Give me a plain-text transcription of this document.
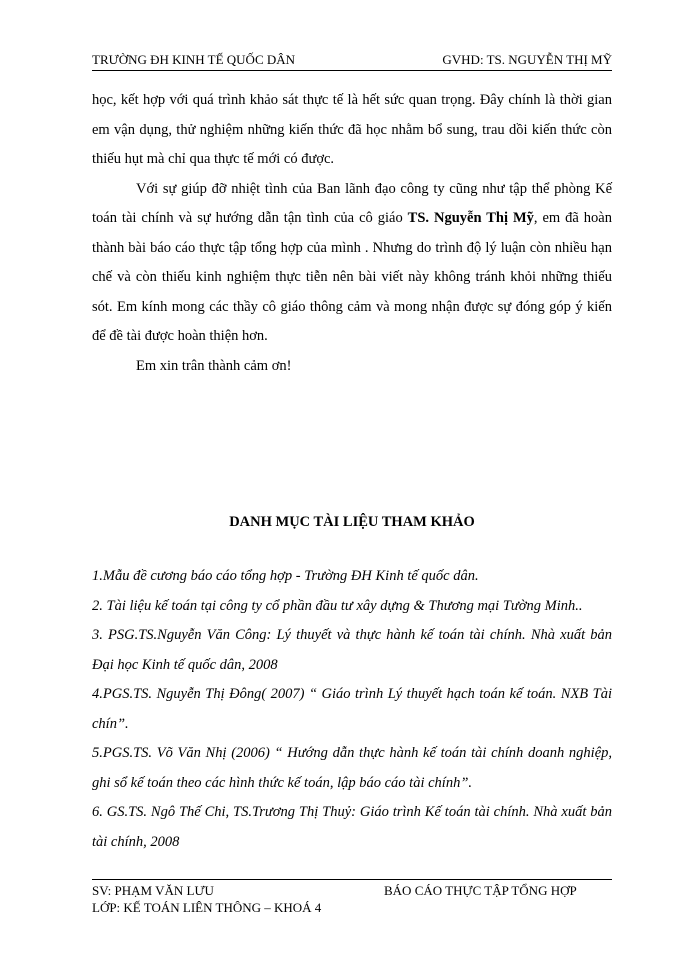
TRƯỜNG ĐH KINH TẾ QUỐC DÂN	GVHD: TS. NGUYỄN THỊ MỸ

học, kết hợp với quá trình khảo sát thực tế là hết sức quan trọng. Đây chính là thời gian em vận dụng, thử nghiệm những kiến thức đã học nhằm bổ sung, trau dồi kiến thức còn thiếu hụt mà chỉ qua thực tế mới có được.

Với sự giúp đỡ nhiệt tình của Ban lãnh đạo công ty cũng như tập thể phòng Kế toán tài chính và sự hướng dẫn tận tình của cô giáo TS. Nguyễn Thị Mỹ, em đã hoàn thành bài báo cáo thực tập tổng hợp của mình . Nhưng do trình độ lý luận còn nhiều hạn chế và còn thiếu kinh nghiệm thực tiễn nên bài viết này không tránh khỏi những thiếu sót. Em kính mong các thầy cô giáo thông cảm và mong nhận được sự đóng góp ý kiến để đề tài được hoàn thiện hơn.

Em xin trân thành cảm ơn!

DANH MỤC TÀI LIỆU THAM KHẢO

1.Mẫu đề cương báo cáo tổng hợp - Trường ĐH Kinh tế quốc dân.

2. Tài liệu kế toán tại công ty cổ phần đầu tư xây dựng & Thương mại Tường Minh..

3. PSG.TS.Nguyễn Văn Công: Lý thuyết và thực hành kế toán tài chính. Nhà xuất bản Đại học Kinh tế quốc dân, 2008

4.PGS.TS. Nguyễn Thị Đông( 2007) “ Giáo trình Lý thuyết hạch toán kế toán. NXB Tài chín”.

5.PGS.TS. Võ Văn Nhị (2006) “ Hướng dẫn thực hành kế toán tài chính doanh nghiệp, ghi sổ kế toán theo các hình thức kế toán, lập báo cáo tài chính”.

6. GS.TS. Ngô Thế Chi, TS.Trương Thị Thuỷ: Giáo trình Kế toán tài chính. Nhà xuất bản tài chính, 2008

SV: PHẠM VĂN LƯU	BÁO CÁO THỰC TẬP TỔNG HỢP
LỚP: KẾ TOÁN LIÊN THÔNG – KHOÁ 4
